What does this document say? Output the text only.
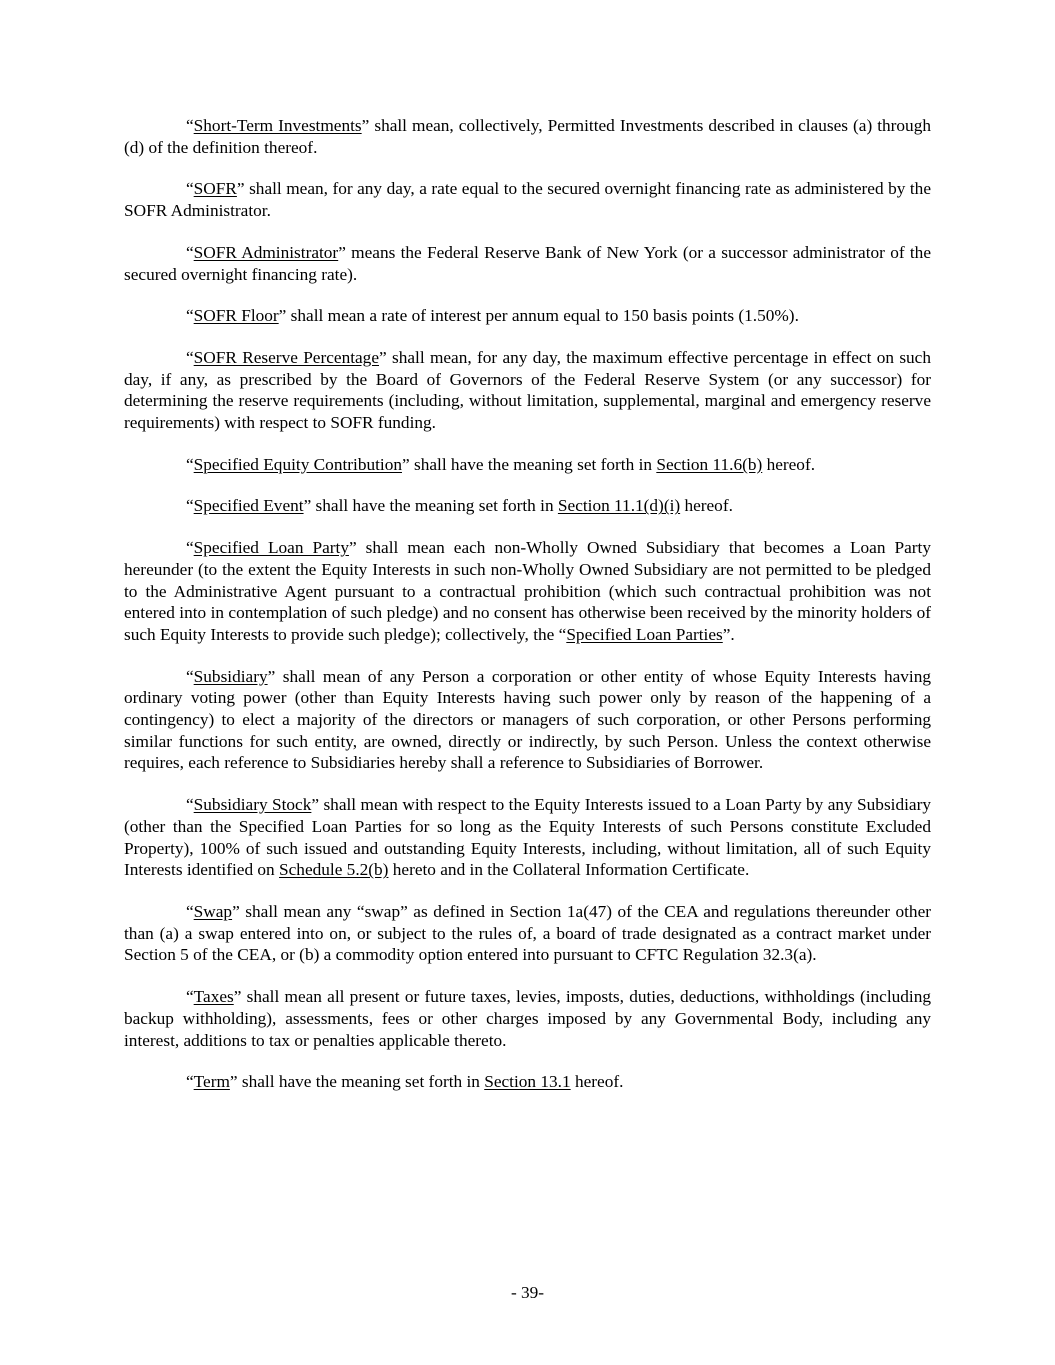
“Short-Term Investments” shall mean, collectively, Permitted Investments described in clauses (a) through (d) of the definition thereof.

“SOFR” shall mean, for any day, a rate equal to the secured overnight financing rate as administered by the SOFR Administrator.

“SOFR Administrator” means the Federal Reserve Bank of New York (or a successor administrator of the secured overnight financing rate).

“SOFR Floor” shall mean a rate of interest per annum equal to 150 basis points (1.50%).

“SOFR Reserve Percentage” shall mean, for any day, the maximum effective percentage in effect on such day, if any, as prescribed by the Board of Governors of the Federal Reserve System (or any successor) for determining the reserve requirements (including, without limitation, supplemental, marginal and emergency reserve requirements) with respect to SOFR funding.

“Specified Equity Contribution” shall have the meaning set forth in Section 11.6(b) hereof.

“Specified Event” shall have the meaning set forth in Section 11.1(d)(i) hereof.

“Specified Loan Party” shall mean each non-Wholly Owned Subsidiary that becomes a Loan Party hereunder (to the extent the Equity Interests in such non-Wholly Owned Subsidiary are not permitted to be pledged to the Administrative Agent pursuant to a contractual prohibition (which such contractual prohibition was not entered into in contemplation of such pledge) and no consent has otherwise been received by the minority holders of such Equity Interests to provide such pledge); collectively, the “Specified Loan Parties”.

“Subsidiary” shall mean of any Person a corporation or other entity of whose Equity Interests having ordinary voting power (other than Equity Interests having such power only by reason of the happening of a contingency) to elect a majority of the directors or managers of such corporation, or other Persons performing similar functions for such entity, are owned, directly or indirectly, by such Person. Unless the context otherwise requires, each reference to Subsidiaries hereby shall a reference to Subsidiaries of Borrower.

“Subsidiary Stock” shall mean with respect to the Equity Interests issued to a Loan Party by any Subsidiary (other than the Specified Loan Parties for so long as the Equity Interests of such Persons constitute Excluded Property), 100% of such issued and outstanding Equity Interests, including, without limitation, all of such Equity Interests identified on Schedule 5.2(b) hereto and in the Collateral Information Certificate.

“Swap” shall mean any “swap” as defined in Section 1a(47) of the CEA and regulations thereunder other than (a) a swap entered into on, or subject to the rules of, a board of trade designated as a contract market under Section 5 of the CEA, or (b) a commodity option entered into pursuant to CFTC Regulation 32.3(a).

“Taxes” shall mean all present or future taxes, levies, imposts, duties, deductions, withholdings (including backup withholding), assessments, fees or other charges imposed by any Governmental Body, including any interest, additions to tax or penalties applicable thereto.

“Term” shall have the meaning set forth in Section 13.1 hereof.

- 39-
